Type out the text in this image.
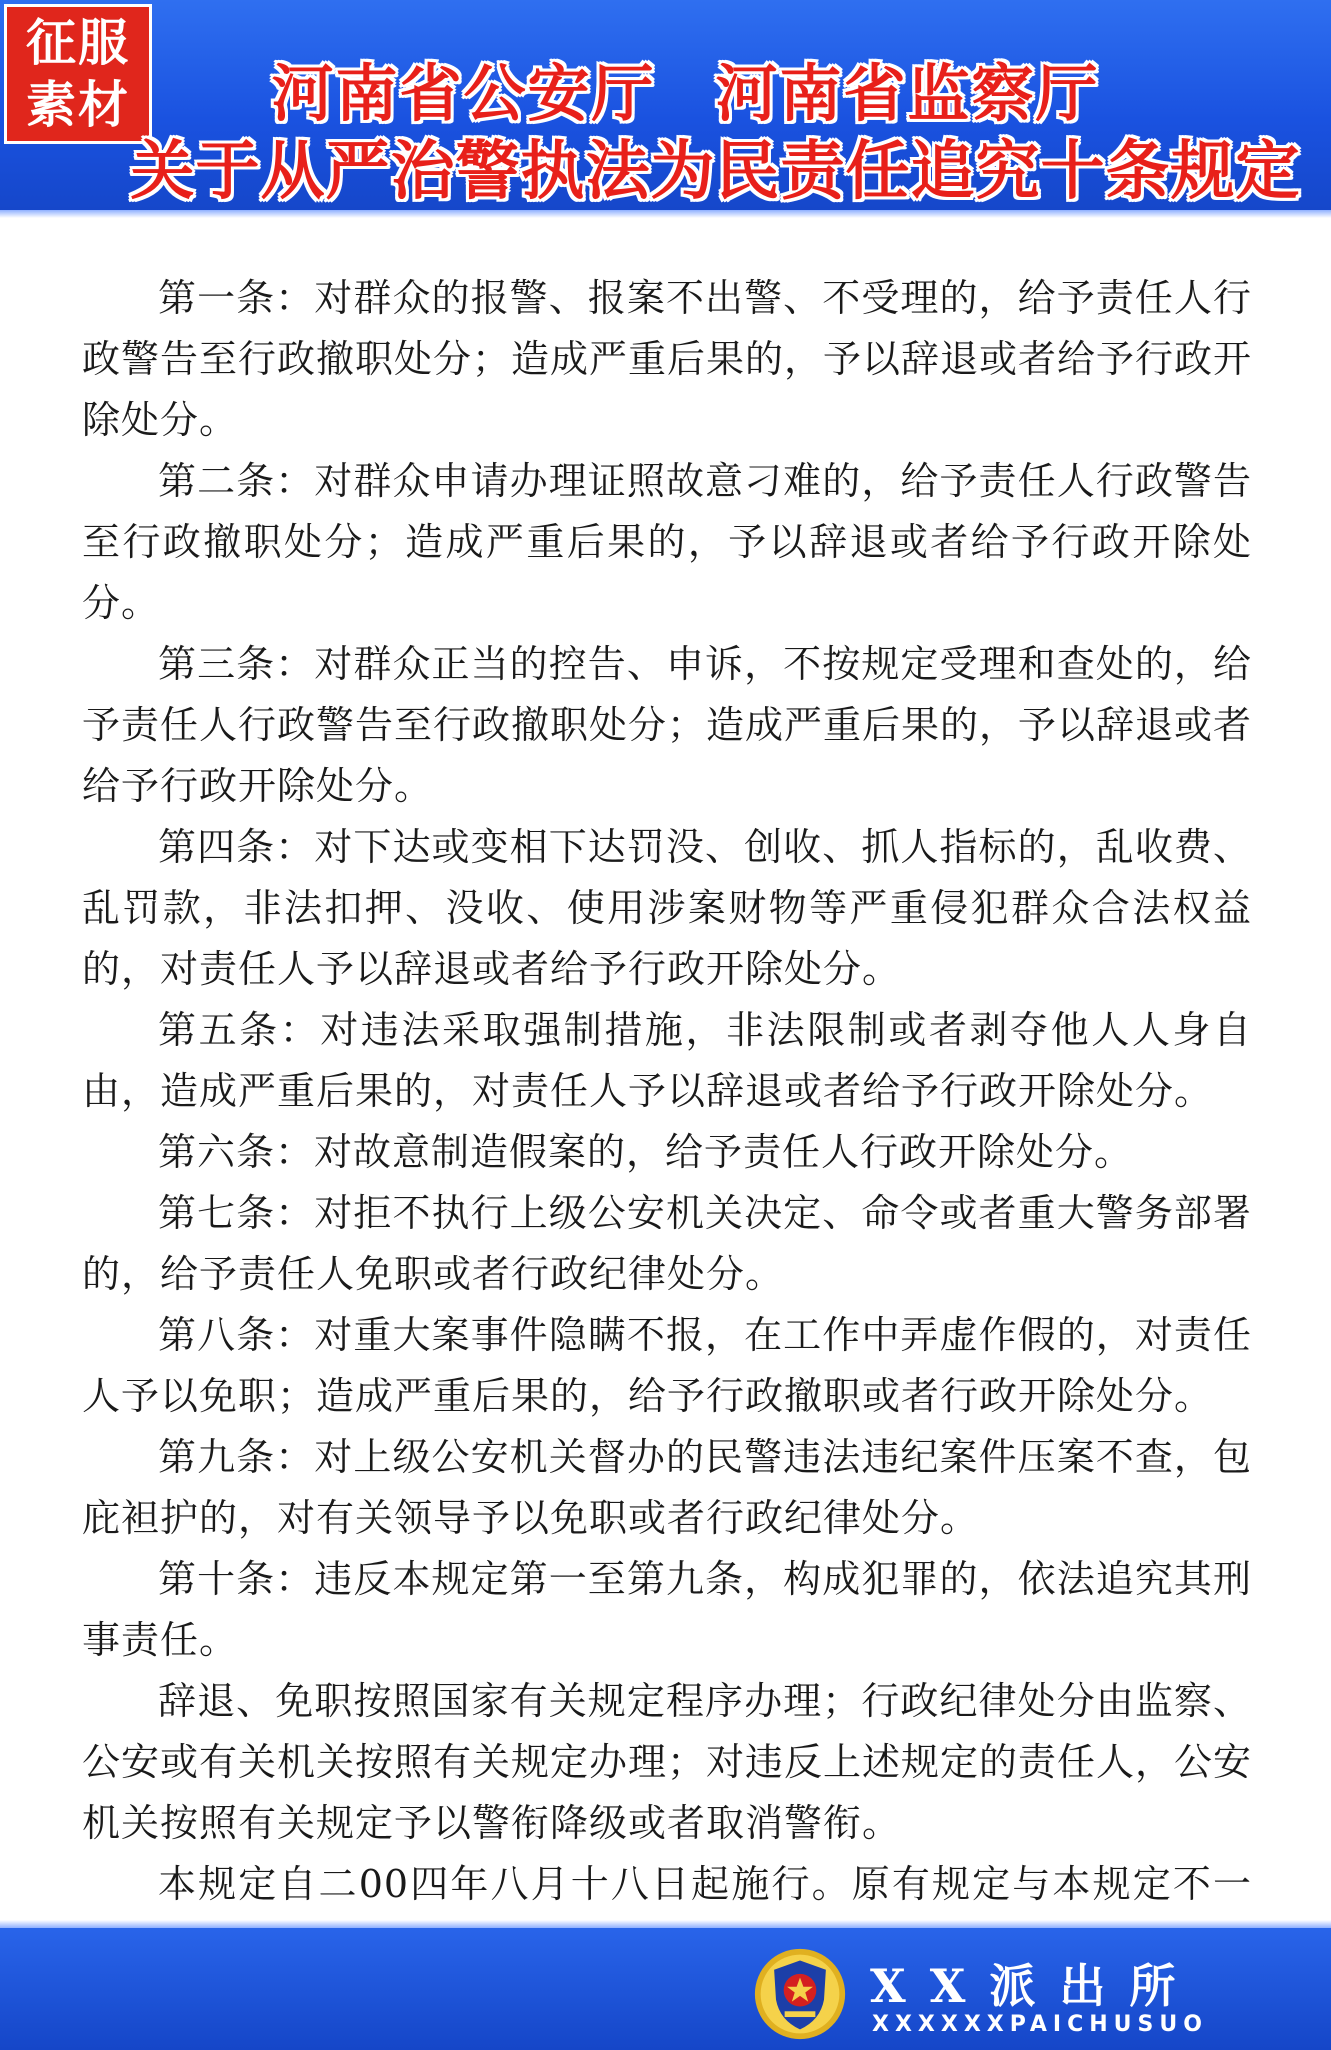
征服
素材	河南省公安厅 河南省监察厅
关于从严治警执法为民责任追究十条规定

第一条：对群众的报警、报案不出警、不受理的，给予责任人行政警告至行政撤职处分；造成严重后果的，予以辞退或者给予行政开除处分。

第二条：对群众申请办理证照故意刁难的，给予责任人行政警告至行政撤职处分；造成严重后果的，予以辞退或者给予行政开除处分。

第三条：对群众正当的控告、申诉，不按规定受理和查处的，给予责任人行政警告至行政撤职处分；造成严重后果的，予以辞退或者给予行政开除处分。

第四条：对下达或变相下达罚没、创收、抓人指标的，乱收费、乱罚款，非法扣押、没收、使用涉案财物等严重侵犯群众合法权益的，对责任人予以辞退或者给予行政开除处分。

第五条：对违法采取强制措施，非法限制或者剥夺他人人身自由，造成严重后果的，对责任人予以辞退或者给予行政开除处分。

第六条：对故意制造假案的，给予责任人行政开除处分。

第七条：对拒不执行上级公安机关决定、命令或者重大警务部署的，给予责任人免职或者行政纪律处分。

第八条：对重大案事件隐瞒不报，在工作中弄虚作假的，对责任人予以免职；造成严重后果的，给予行政撤职或者行政开除处分。

第九条：对上级公安机关督办的民警违法违纪案件压案不查，包庇袒护的，对有关领导予以免职或者行政纪律处分。

第十条：违反本规定第一至第九条，构成犯罪的，依法追究其刑事责任。

辞退、免职按照国家有关规定程序办理；行政纪律处分由监察、公安或有关机关按照有关规定办理；对违反上述规定的责任人，公安机关按照有关规定予以警衔降级或者取消警衔。

本规定自二00四年八月十八日起施行。原有规定与本规定不一

XX派出所
XXXXXXPAICHUSUO
